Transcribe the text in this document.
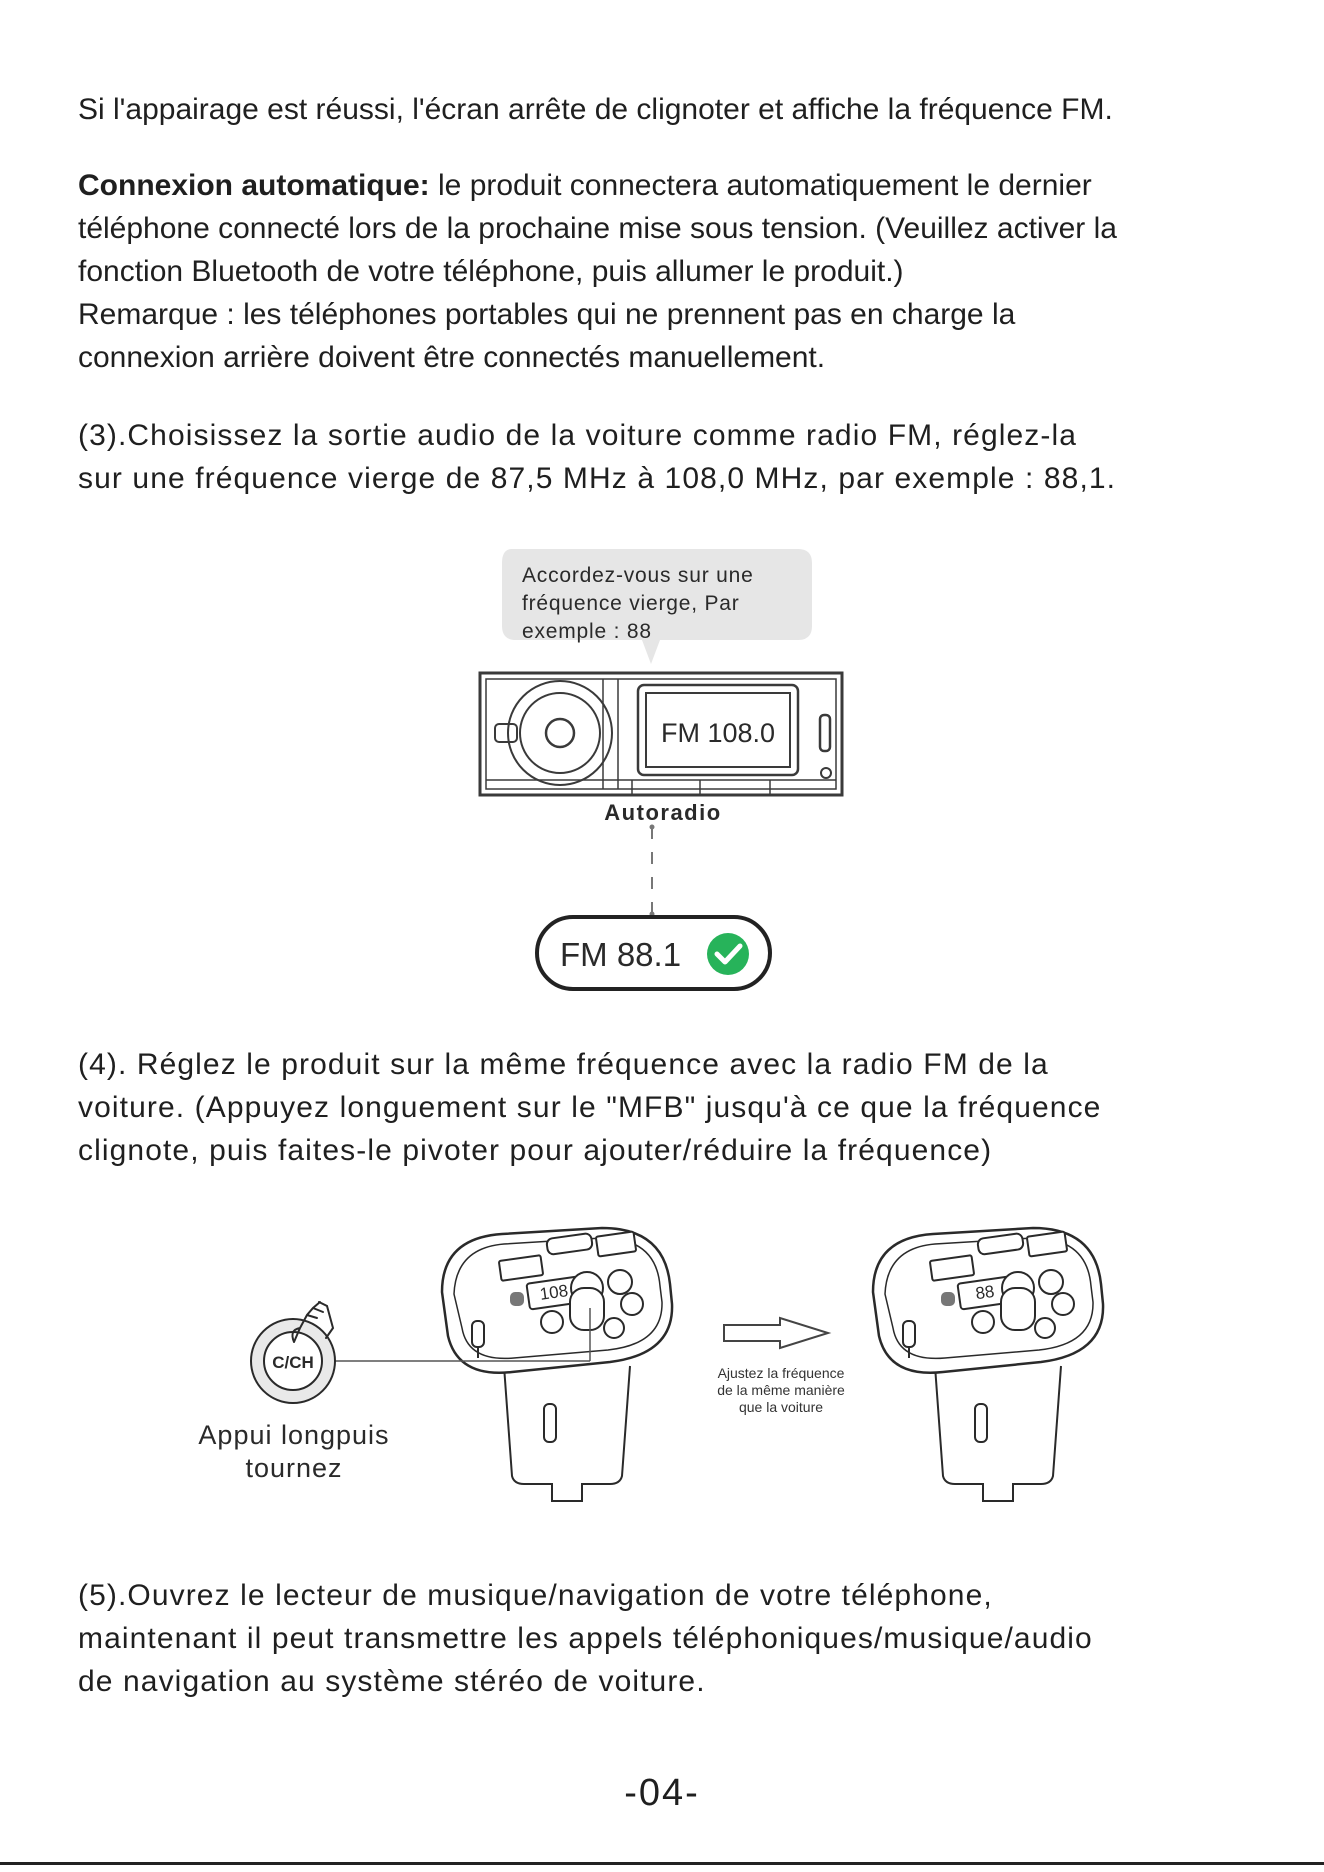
Si l'appairage est réussi, l'écran arrête de clignoter et affiche la fréquence FM.

Connexion automatique: le produit connectera automatiquement le dernier
téléphone connecté lors de la prochaine mise sous tension. (Veuillez activer la
fonction Bluetooth de votre téléphone, puis allumer le produit.)
Remarque : les téléphones portables qui ne prennent pas en charge la
connexion arrière doivent être connectés manuellement.

(3).Choisissez la sortie audio de la voiture comme radio FM, réglez-la
sur une fréquence vierge de 87,5 MHz à 108,0 MHz, par exemple : 88,1.

Accordez-vous sur une
fréquence vierge, Par
exemple : 88
FM 108.0
Autoradio
FM 88.1

(4). Réglez le produit sur la même fréquence avec la radio FM de la
voiture. (Appuyez longuement sur le "MFB" jusqu'à ce que la fréquence
clignote, puis faites-le pivoter pour ajouter/réduire la fréquence)

108	88
C/CH
Appui longpuis
tournez
Ajustez la fréquence
de la même manière
que la voiture

(5).Ouvrez le lecteur de musique/navigation de votre téléphone,
maintenant il peut transmettre les appels téléphoniques/musique/audio
de navigation au système stéréo de voiture.

-04-
